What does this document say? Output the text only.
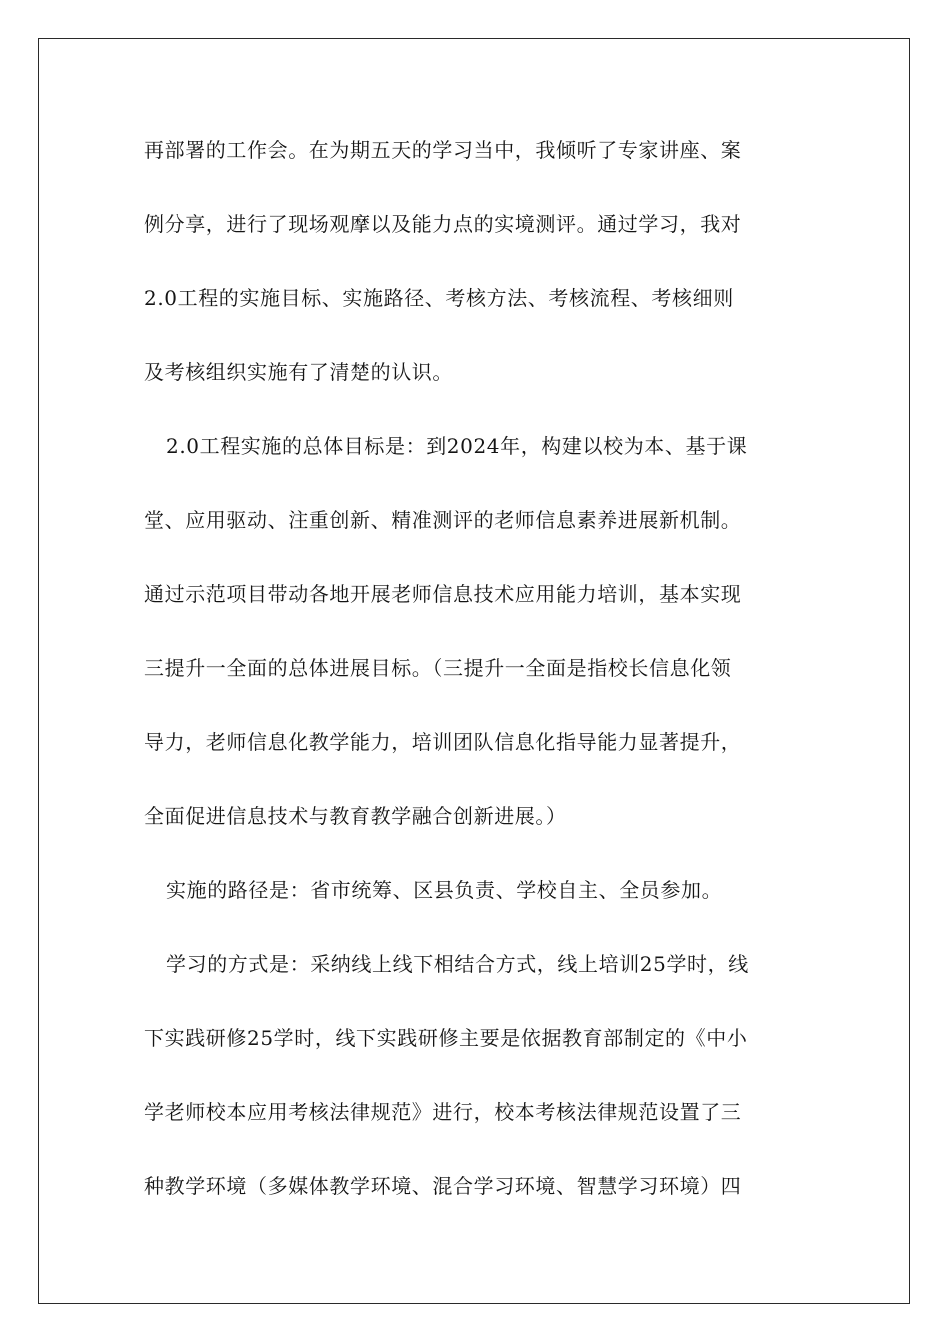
再部署的工作会。在为期五天的学习当中，我倾听了专家讲座、案
例分享，进行了现场观摩以及能力点的实境测评。通过学习，我对
2.0工程的实施目标、实施路径、考核方法、考核流程、考核细则
及考核组织实施有了清楚的认识。
2.0工程实施的总体目标是：到2024年，构建以校为本、基于课
堂、应用驱动、注重创新、精准测评的老师信息素养进展新机制。
通过示范项目带动各地开展老师信息技术应用能力培训，基本实现
三提升一全面的总体进展目标。（三提升一全面是指校长信息化领
导力，老师信息化教学能力，培训团队信息化指导能力显著提升，
全面促进信息技术与教育教学融合创新进展。）
实施的路径是：省市统筹、区县负责、学校自主、全员参加。
学习的方式是：采纳线上线下相结合方式，线上培训25学时，线
下实践研修25学时，线下实践研修主要是依据教育部制定的《中小
学老师校本应用考核法律规范》进行，校本考核法律规范设置了三
种教学环境（多媒体教学环境、混合学习环境、智慧学习环境）四
